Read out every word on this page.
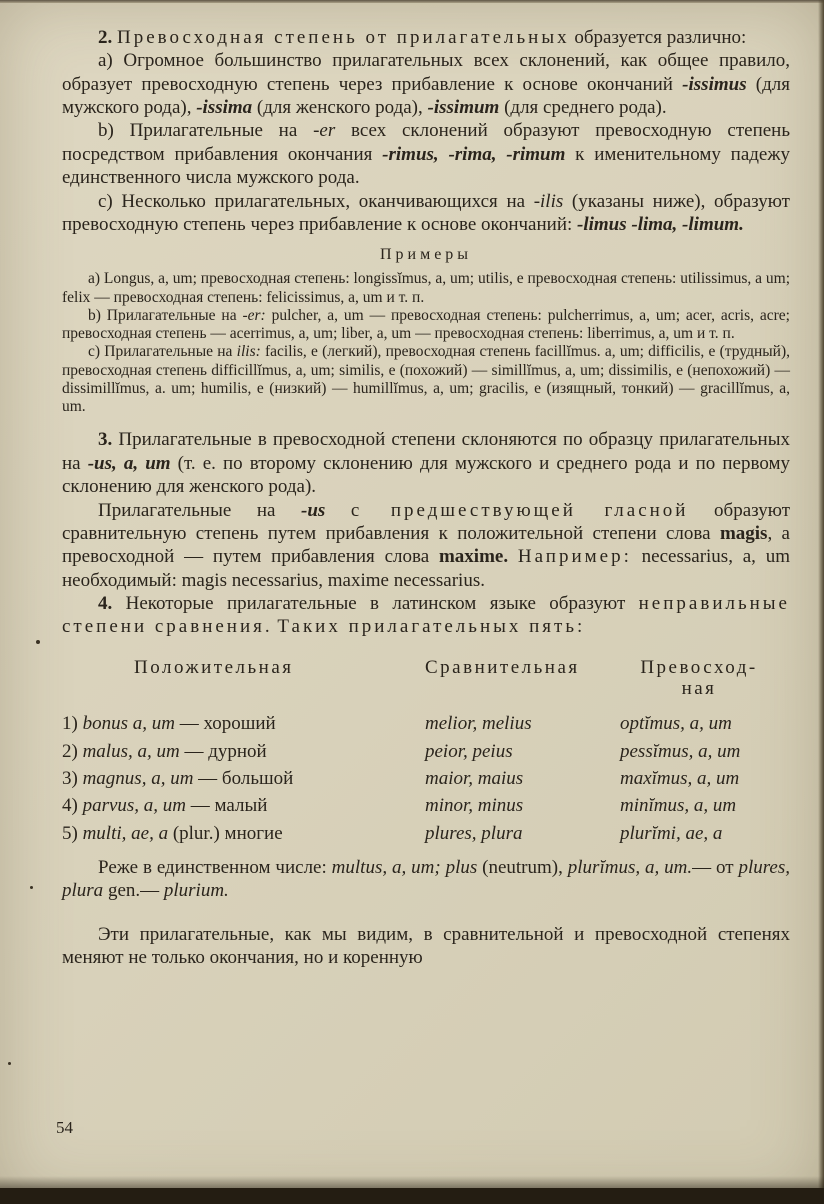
2. Превосходная степень от прилагательных образуется различно:

а) Огромное большинство прилагательных всех склонений, как общее правило, образует превосходную степень через прибавление к основе окончаний -issimus (для мужского рода), -issima (для женского рода), -issimum (для среднего рода).

b) Прилагательные на -er всех склонений образуют превосходную степень посредством прибавления окончания -rimus, -rima, -rimum к именительному падежу единственного числа мужского рода.

с) Несколько прилагательных, оканчивающихся на -ilis (указаны ниже), образуют превосходную степень через прибавление к основе окончаний: -limus -lima, -limum.

Примеры

а) Longus, a, um; превосходная степень: longissĭmus, a, um; utilis, e превосходная степень: utilissimus, a um; felix — превосходная степень: felicissimus, a, um и т. п.

b) Прилагательные на -er: pulcher, a, um — превосходная степень: pulcherrimus, a, um; acer, acris, acre; превосходная степень — acerrimus, a, um; liber, a, um — превосходная степень: liberrimus, a, um и т. п.

c) Прилагательные на ilis: facilis, e (легкий), превосходная степень facillĭmus. a, um; difficilis, e (трудный), превосходная степень difficillĭmus, a, um; similis, e (похожий) — simillĭmus, a, um; dissimilis, e (непохожий) — dissimillĭmus, a. um; humilis, e (низкий) — humillĭmus, a, um; gracilis, e (изящный, тонкий) — gracillĭmus, a, um.

3. Прилагательные в превосходной степени склоняются по образцу прилагательных на -us, a, um (т. е. по второму склонению для мужского и среднего рода и по первому склонению для женского рода).

Прилагательные на -us с предшествующей гласной образуют сравнительную степень путем прибавления к положительной степени слова magis, а превосходной — путем прибавления слова maxime. Например: necessarius, a, um необходимый: magis necessarius, maxime necessarius.

4. Некоторые прилагательные в латинском языке образуют неправильные степени сравнения. Таких прилагательных пять:

Положительная	Сравнительная	Превосход-
ная
1) bonus a, um — хороший	melior, melius	optĭmus, a, um
2) malus, a, um — дурной	peior, peius	pessĭmus, a, um
3) magnus, a, um — большой	maior, maius	maxĭmus, a, um
4) parvus, a, um — малый	minor, minus	minĭmus, a, um
5) multi, ae, a (plur.) многие	plures, plura	plurĭmi, ae, a

Реже в единственном числе: multus, a, um; plus (neutrum), plurĭmus, a, um.— от plures, plura gen.— plurium.

Эти прилагательные, как мы видим, в сравнительной и превосходной степенях меняют не только окончания, но и коренную

54
